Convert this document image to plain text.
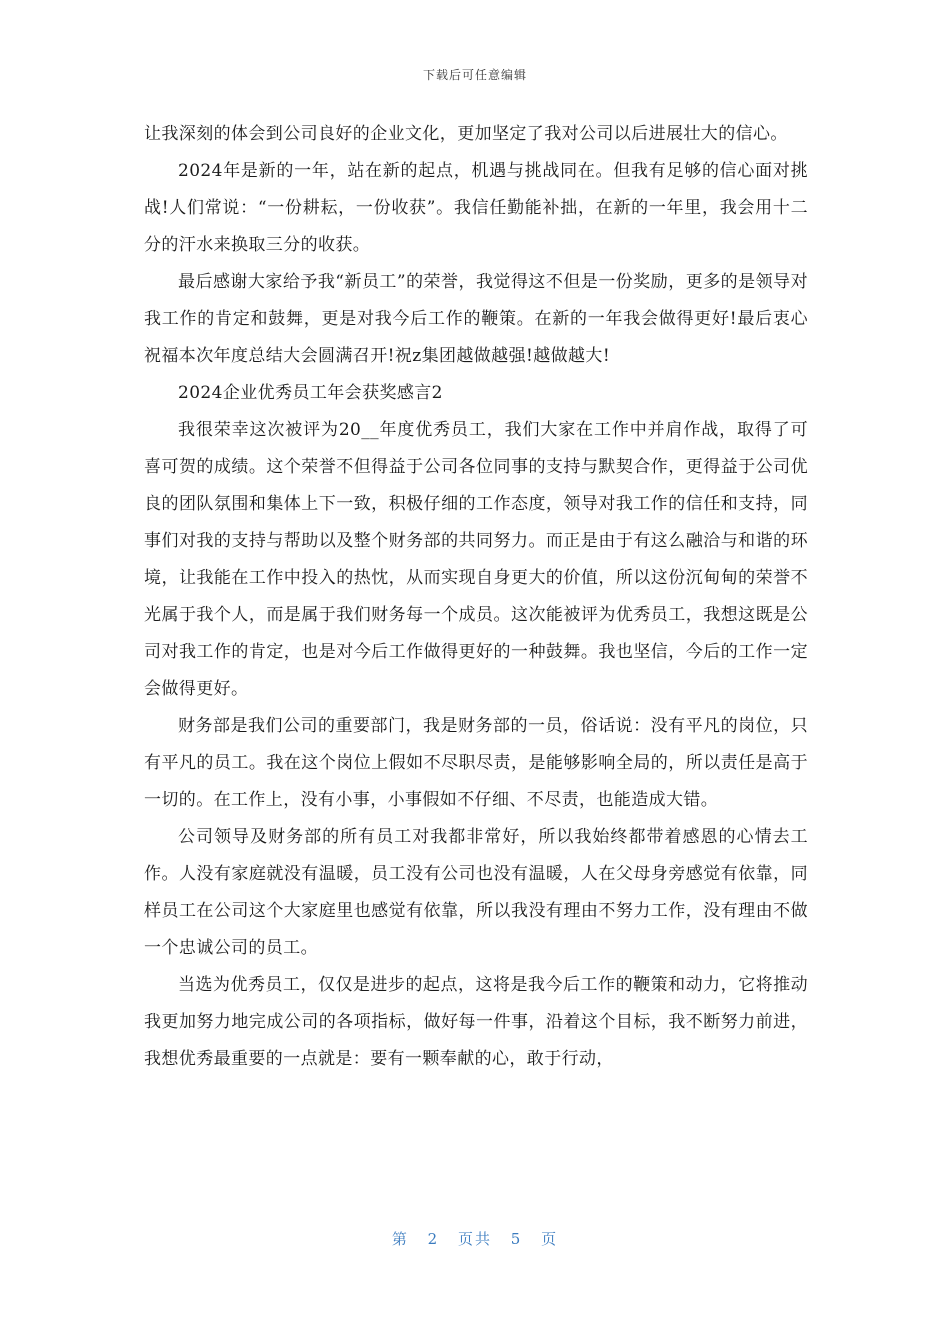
下载后可任意编辑

让我深刻的体会到公司良好的企业文化，更加坚定了我对公司以后进展壮大的信心。

2024年是新的一年，站在新的起点，机遇与挑战同在。但我有足够的信心面对挑战!人们常说：“一份耕耘，一份收获”。我信任勤能补拙，在新的一年里，我会用十二分的汗水来换取三分的收获。

最后感谢大家给予我“新员工”的荣誉，我觉得这不但是一份奖励，更多的是领导对我工作的肯定和鼓舞，更是对我今后工作的鞭策。在新的一年我会做得更好!最后衷心祝福本次年度总结大会圆满召开!祝z集团越做越强!越做越大!

2024企业优秀员工年会获奖感言2

我很荣幸这次被评为20__年度优秀员工，我们大家在工作中并肩作战，取得了可喜可贺的成绩。这个荣誉不但得益于公司各位同事的支持与默契合作，更得益于公司优良的团队氛围和集体上下一致，积极仔细的工作态度，领导对我工作的信任和支持，同事们对我的支持与帮助以及整个财务部的共同努力。而正是由于有这么融洽与和谐的环境，让我能在工作中投入的热忱，从而实现自身更大的价值，所以这份沉甸甸的荣誉不光属于我个人，而是属于我们财务每一个成员。这次能被评为优秀员工，我想这既是公司对我工作的肯定，也是对今后工作做得更好的一种鼓舞。我也坚信，今后的工作一定会做得更好。

财务部是我们公司的重要部门，我是财务部的一员，俗话说：没有平凡的岗位，只有平凡的员工。我在这个岗位上假如不尽职尽责，是能够影响全局的，所以责任是高于一切的。在工作上，没有小事，小事假如不仔细、不尽责，也能造成大错。

公司领导及财务部的所有员工对我都非常好，所以我始终都带着感恩的心情去工作。人没有家庭就没有温暖，员工没有公司也没有温暖，人在父母身旁感觉有依靠，同样员工在公司这个大家庭里也感觉有依靠，所以我没有理由不努力工作，没有理由不做一个忠诚公司的员工。

当选为优秀员工，仅仅是进步的起点，这将是我今后工作的鞭策和动力，它将推动我更加努力地完成公司的各项指标，做好每一件事，沿着这个目标，我不断努力前进，我想优秀最重要的一点就是：要有一颗奉献的心，敢于行动，

第 2 页共 5 页
